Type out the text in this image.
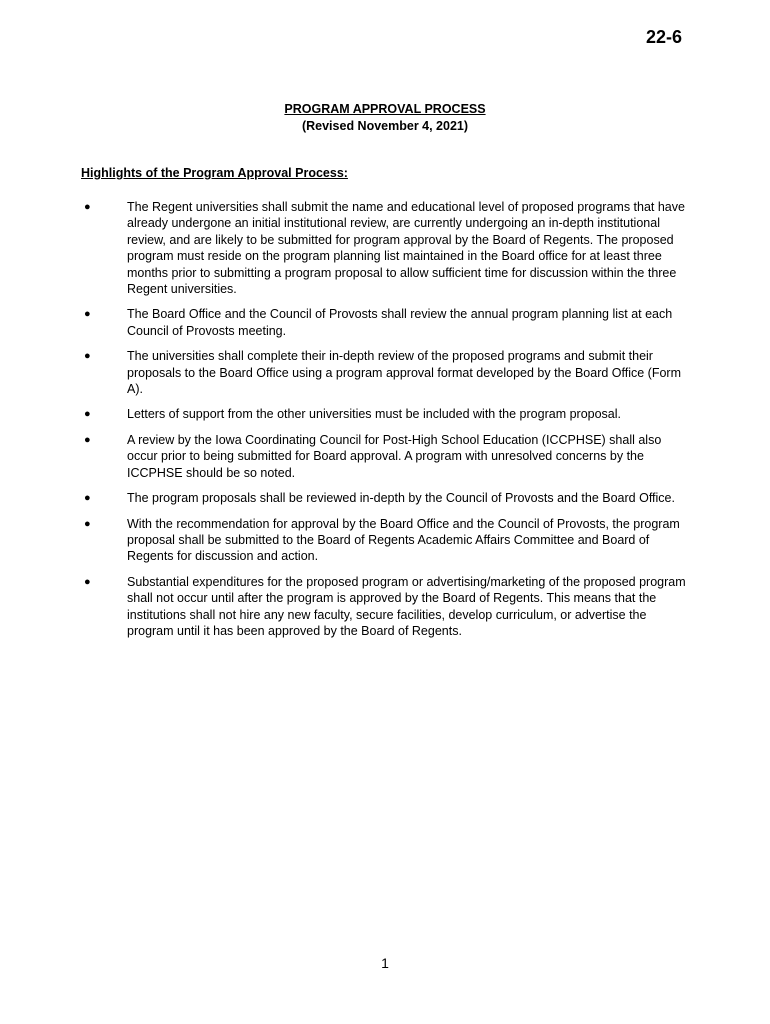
22-6
PROGRAM APPROVAL PROCESS
(Revised November 4, 2021)
Highlights of the Program Approval Process:
●	The Regent universities shall submit the name and educational level of proposed programs that have already undergone an initial institutional review, are currently undergoing an in-depth institutional review, and are likely to be submitted for program approval by the Board of Regents. The proposed program must reside on the program planning list maintained in the Board office for at least three months prior to submitting a program proposal to allow sufficient time for discussion within the three Regent universities.
●	The Board Office and the Council of Provosts shall review the annual program planning list at each Council of Provosts meeting.
●	The universities shall complete their in-depth review of the proposed programs and submit their proposals to the Board Office using a program approval format developed by the Board Office (Form A).
●	Letters of support from the other universities must be included with the program proposal.
●	A review by the Iowa Coordinating Council for Post-High School Education (ICCPHSE) shall also occur prior to being submitted for Board approval. A program with unresolved concerns by the ICCPHSE should be so noted.
●	The program proposals shall be reviewed in-depth by the Council of Provosts and the Board Office.
●	With the recommendation for approval by the Board Office and the Council of Provosts, the program proposal shall be submitted to the Board of Regents Academic Affairs Committee and Board of Regents for discussion and action.
●	Substantial expenditures for the proposed program or advertising/marketing of the proposed program shall not occur until after the program is approved by the Board of Regents. This means that the institutions shall not hire any new faculty, secure facilities, develop curriculum, or advertise the program until it has been approved by the Board of Regents.
1
